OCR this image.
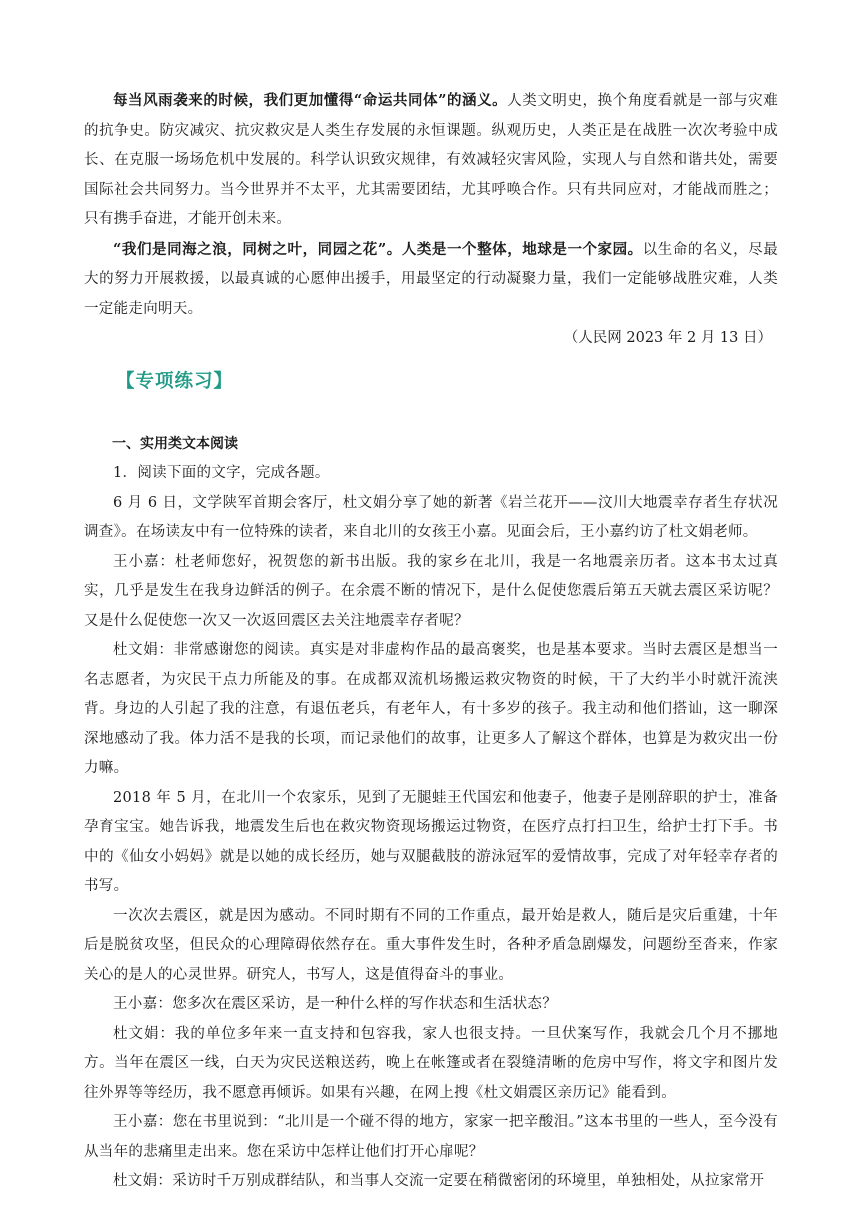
每当风雨袭来的时候，我们更加懂得“命运共同体”的涵义。人类文明史，换个角度看就是一部与灾难的抗争史。防灾减灾、抗灾救灾是人类生存发展的永恒课题。纵观历史，人类正是在战胜一次次考验中成长、在克服一场场危机中发展的。科学认识致灾规律，有效减轻灾害风险，实现人与自然和谐共处，需要国际社会共同努力。当今世界并不太平，尤其需要团结，尤其呼唤合作。只有共同应对，才能战而胜之；只有携手奋进，才能开创未来。

“我们是同海之浪，同树之叶，同园之花”。人类是一个整体，地球是一个家园。以生命的名义，尽最大的努力开展救援，以最真诚的心愿伸出援手，用最坚定的行动凝聚力量，我们一定能够战胜灾难，人类一定能走向明天。

（人民网 2023 年 2 月 13 日）

【专项练习】

一、实用类文本阅读

1．阅读下面的文字，完成各题。

6 月 6 日，文学陕军首期会客厅，杜文娟分享了她的新著《岩兰花开——汶川大地震幸存者生存状况调查》。在场读友中有一位特殊的读者，来自北川的女孩王小嘉。见面会后，王小嘉约访了杜文娟老师。

王小嘉：杜老师您好，祝贺您的新书出版。我的家乡在北川，我是一名地震亲历者。这本书太过真实，几乎是发生在我身边鲜活的例子。在余震不断的情况下，是什么促使您震后第五天就去震区采访呢？又是什么促使您一次又一次返回震区去关注地震幸存者呢？

杜文娟：非常感谢您的阅读。真实是对非虚构作品的最高褒奖，也是基本要求。当时去震区是想当一名志愿者，为灾民干点力所能及的事。在成都双流机场搬运救灾物资的时候，干了大约半小时就汗流浃背。身边的人引起了我的注意，有退伍老兵，有老年人，有十多岁的孩子。我主动和他们搭讪，这一聊深深地感动了我。体力活不是我的长项，而记录他们的故事，让更多人了解这个群体，也算是为救灾出一份力嘛。

2018 年 5 月，在北川一个农家乐，见到了无腿蛙王代国宏和他妻子，他妻子是刚辞职的护士，准备孕育宝宝。她告诉我，地震发生后也在救灾物资现场搬运过物资，在医疗点打扫卫生，给护士打下手。书中的《仙女小妈妈》就是以她的成长经历，她与双腿截肢的游泳冠军的爱情故事，完成了对年轻幸存者的书写。

一次次去震区，就是因为感动。不同时期有不同的工作重点，最开始是救人，随后是灾后重建，十年后是脱贫攻坚，但民众的心理障碍依然存在。重大事件发生时，各种矛盾急剧爆发，问题纷至沓来，作家关心的是人的心灵世界。研究人，书写人，这是值得奋斗的事业。

王小嘉：您多次在震区采访，是一种什么样的写作状态和生活状态？

杜文娟：我的单位多年来一直支持和包容我，家人也很支持。一旦伏案写作，我就会几个月不挪地方。当年在震区一线，白天为灾民送粮送药，晚上在帐篷或者在裂缝清晰的危房中写作，将文字和图片发往外界等等经历，我不愿意再倾诉。如果有兴趣，在网上搜《杜文娟震区亲历记》能看到。

王小嘉：您在书里说到：“北川是一个碰不得的地方，家家一把辛酸泪。”这本书里的一些人，至今没有从当年的悲痛里走出来。您在采访中怎样让他们打开心扉呢？

杜文娟：采访时千万别成群结队，和当事人交流一定要在稍微密闭的环境里，单独相处，从拉家常开
